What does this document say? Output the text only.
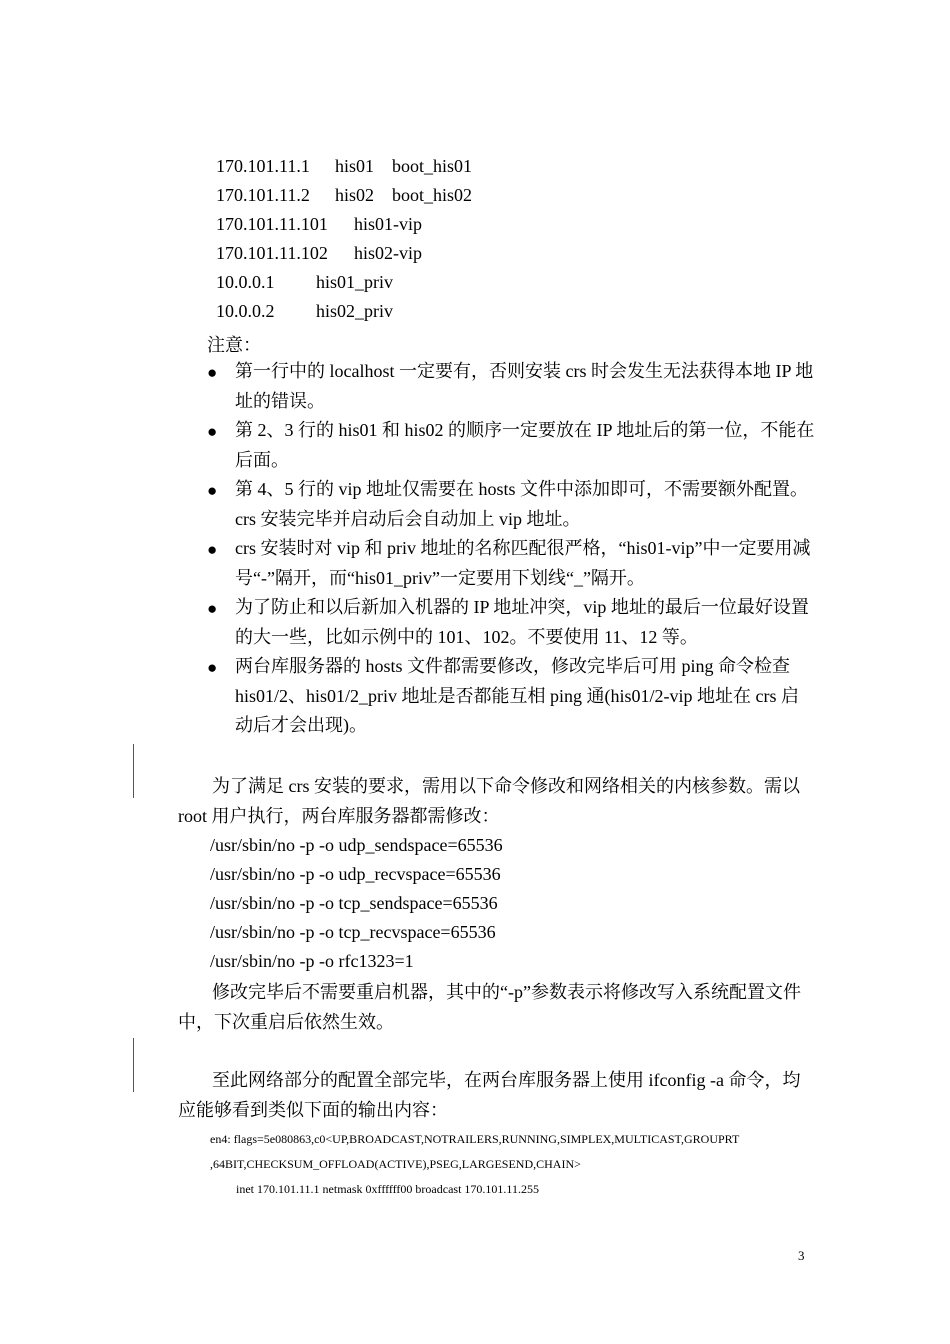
170.101.11.1 his01    boot_his01

170.101.11.2 his02    boot_his02

170.101.11.101 his01-vip

170.101.11.102 his02-vip

10.0.0.1 his01_priv

10.0.0.2 his02_priv

注意：
● 第一行中的 localhost 一定要有，否则安装 crs 时会发生无法获得本地 IP 地址的错误。
● 第 2、3 行的 his01 和 his02 的顺序一定要放在 IP 地址后的第一位，不能在后面。
● 第 4、5 行的 vip 地址仅需要在 hosts 文件中添加即可，不需要额外配置。crs 安装完毕并启动后会自动加上 vip 地址。
● crs 安装时对 vip 和 priv 地址的名称匹配很严格，“his01-vip”中一定要用减号“-”隔开，而“his01_priv”一定要用下划线“_”隔开。
● 为了防止和以后新加入机器的 IP 地址冲突，vip 地址的最后一位最好设置的大一些，比如示例中的 101、102。不要使用 11、12 等。
● 两台库服务器的 hosts 文件都需要修改，修改完毕后可用 ping 命令检查 his01/2、his01/2_priv 地址是否都能互相 ping 通(his01/2-vip 地址在 crs 启动后才会出现)。
为了满足 crs 安装的要求，需用以下命令修改和网络相关的内核参数。需以 root 用户执行，两台库服务器都需修改：
/usr/sbin/no -p -o udp_sendspace=65536
/usr/sbin/no -p -o udp_recvspace=65536
/usr/sbin/no -p -o tcp_sendspace=65536
/usr/sbin/no -p -o tcp_recvspace=65536
/usr/sbin/no -p -o rfc1323=1
修改完毕后不需要重启机器，其中的“-p”参数表示将修改写入系统配置文件中，下次重启后依然生效。
至此网络部分的配置全部完毕，在两台库服务器上使用 ifconfig -a 命令，均应能够看到类似下面的输出内容：
en4: flags=5e080863,c0<UP,BROADCAST,NOTRAILERS,RUNNING,SIMPLEX,MULTICAST,GROUPRT
,64BIT,CHECKSUM_OFFLOAD(ACTIVE),PSEG,LARGESEND,CHAIN>
inet 170.101.11.1 netmask 0xffffff00 broadcast 170.101.11.255
3
